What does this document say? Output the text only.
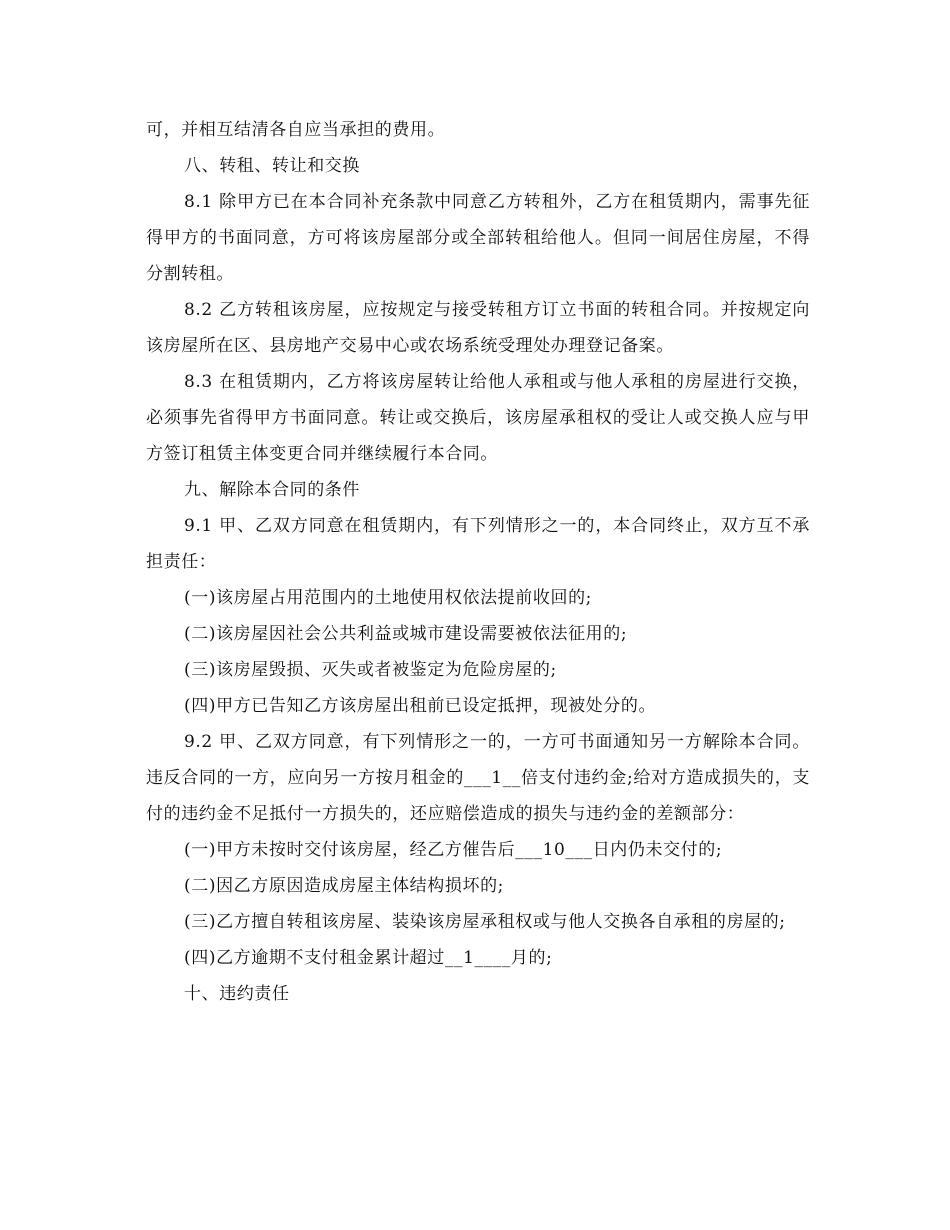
可，并相互结清各自应当承担的费用。

八、转租、转让和交换

8.1 除甲方已在本合同补充条款中同意乙方转租外，乙方在租赁期内，需事先征得甲方的书面同意，方可将该房屋部分或全部转租给他人。但同一间居住房屋，不得分割转租。

8.2 乙方转租该房屋，应按规定与接受转租方订立书面的转租合同。并按规定向该房屋所在区、县房地产交易中心或农场系统受理处办理登记备案。

8.3 在租赁期内，乙方将该房屋转让给他人承租或与他人承租的房屋进行交换，必须事先省得甲方书面同意。转让或交换后，该房屋承租权的受让人或交换人应与甲方签订租赁主体变更合同并继续履行本合同。

九、解除本合同的条件

9.1 甲、乙双方同意在租赁期内，有下列情形之一的，本合同终止，双方互不承担责任：

(一)该房屋占用范围内的土地使用权依法提前收回的;

(二)该房屋因社会公共利益或城市建设需要被依法征用的;

(三)该房屋毁损、灭失或者被鉴定为危险房屋的;

(四)甲方已告知乙方该房屋出租前已设定抵押，现被处分的。

9.2 甲、乙双方同意，有下列情形之一的，一方可书面通知另一方解除本合同。违反合同的一方，应向另一方按月租金的___1__倍支付违约金;给对方造成损失的，支付的违约金不足抵付一方损失的，还应赔偿造成的损失与违约金的差额部分：

(一)甲方未按时交付该房屋，经乙方催告后___10___日内仍未交付的;

(二)因乙方原因造成房屋主体结构损坏的;

(三)乙方擅自转租该房屋、装染该房屋承租权或与他人交换各自承租的房屋的;

(四)乙方逾期不支付租金累计超过__1____月的;

十、违约责任
